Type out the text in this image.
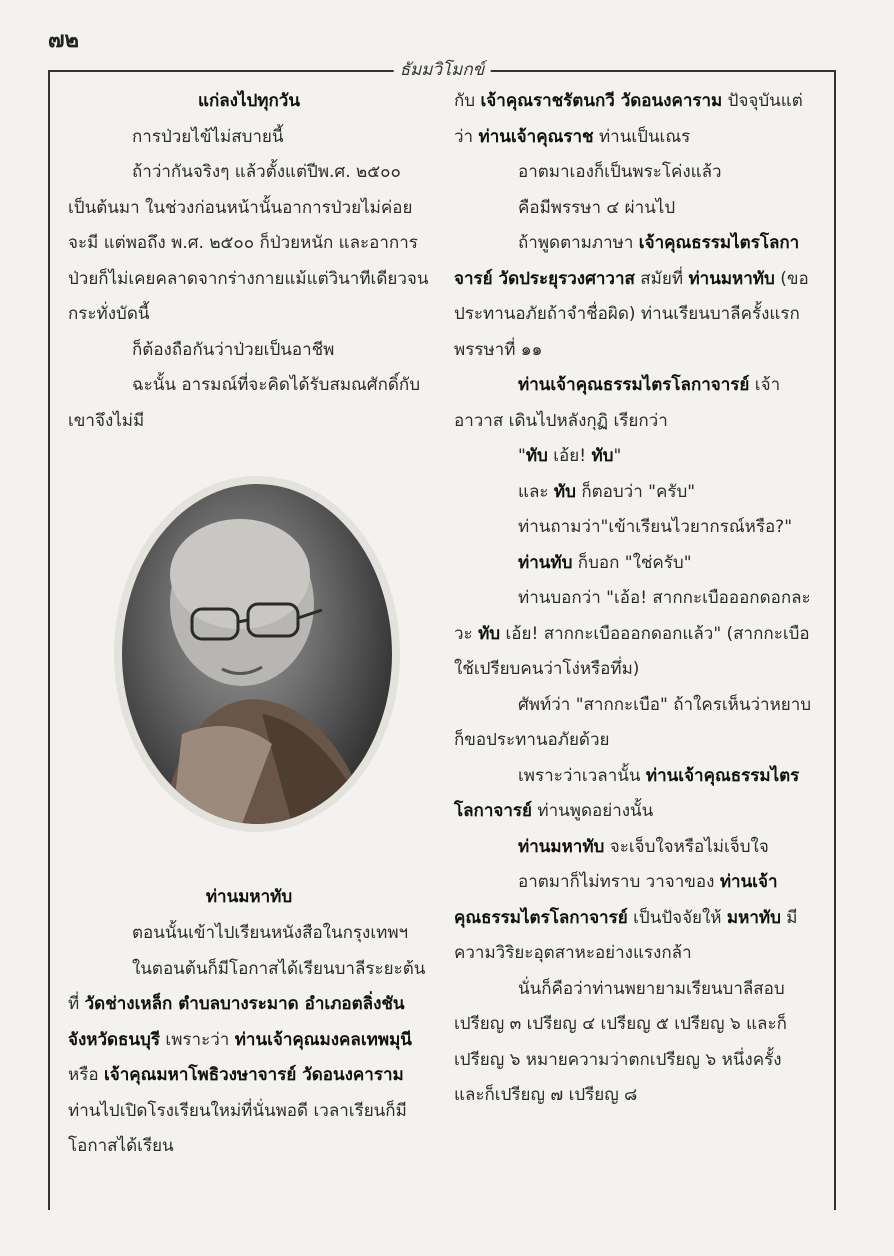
๗๒
ธัมมวิโมกข์

แก่ลงไปทุกวัน

การป่วยไข้ไม่สบายนี้

ถ้าว่ากันจริงๆ แล้วตั้งแต่ปีพ.ศ. ๒๕๐๐ เป็นต้นมา ในช่วงก่อนหน้านั้นอาการป่วยไม่ค่อยจะมี แต่พอถึง พ.ศ. ๒๕๐๐ ก็ป่วยหนัก และอาการป่วยก็ไม่เคยคลาดจากร่างกายแม้แต่วินาทีเดียวจนกระทั่งบัดนี้

ก็ต้องถือกันว่าป่วยเป็นอาชีพ

ฉะนั้น อารมณ์ที่จะคิดได้รับสมณศักดิ์กับเขาจึงไม่มี

ท่านมหาทับ

ตอนนั้นเข้าไปเรียนหนังสือในกรุงเทพฯ

ในตอนต้นก็มีโอกาสได้เรียนบาลีระยะต้นที่ วัดช่างเหล็ก ตำบลบางระมาด อำเภอตลิ่งชัน จังหวัดธนบุรี เพราะว่า ท่านเจ้าคุณมงคลเทพมุนี หรือ เจ้าคุณมหาโพธิวงษาจารย์ วัดอนงคาราม ท่านไปเปิดโรงเรียนใหม่ที่นั่นพอดี เวลาเรียนก็มีโอกาสได้เรียน

กับ เจ้าคุณราชรัตนกวี วัดอนงคาราม ปัจจุบันแต่ว่า ท่านเจ้าคุณราช ท่านเป็นเณร

อาตมาเองก็เป็นพระโค่งแล้ว

คือมีพรรษา ๔ ผ่านไป

ถ้าพูดตามภาษา เจ้าคุณธรรมไตรโลกาจารย์ วัดประยุรวงศาวาส สมัยที่ ท่านมหาทับ (ขอประทานอภัยถ้าจำชื่อผิด) ท่านเรียนบาลีครั้งแรกพรรษาที่ ๑๑

ท่านเจ้าคุณธรรมไตรโลกาจารย์ เจ้าอาวาส เดินไปหลังกุฏิ เรียกว่า

"ทับ เอ้ย! ทับ"

และ ทับ ก็ตอบว่า "ครับ"

ท่านถามว่า"เข้าเรียนไวยากรณ์หรือ?"

ท่านทับ ก็บอก "ใช่ครับ"

ท่านบอกว่า "เอ้อ! สากกะเบือออกดอกละวะ ทับ เอ้ย! สากกะเบือออกดอกแล้ว" (สากกะเบือใช้เปรียบคนว่าโง่หรือทึ่ม)

ศัพท์ว่า "สากกะเบือ" ถ้าใครเห็นว่าหยาบก็ขอประทานอภัยด้วย

เพราะว่าเวลานั้น ท่านเจ้าคุณธรรมไตรโลกาจารย์ ท่านพูดอย่างนั้น

ท่านมหาทับ จะเจ็บใจหรือไม่เจ็บใจ

อาตมาก็ไม่ทราบ วาจาของ ท่านเจ้าคุณธรรมไตรโลกาจารย์ เป็นปัจจัยให้ มหาทับ มีความวิริยะอุตสาหะอย่างแรงกล้า

นั่นก็คือว่าท่านพยายามเรียนบาลีสอบเปรียญ ๓ เปรียญ ๔ เปรียญ ๕ เปรียญ ๖ และก็เปรียญ ๖ หมายความว่าตกเปรียญ ๖ หนึ่งครั้ง และก็เปรียญ ๗ เปรียญ ๘
